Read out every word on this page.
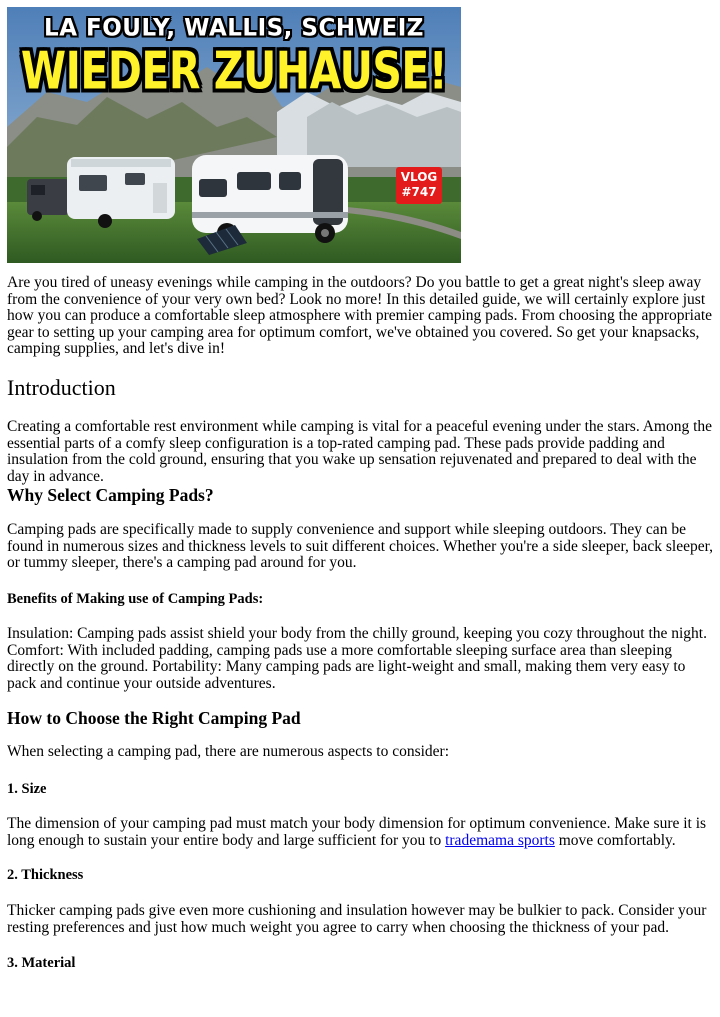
LA FOULY, WALLIS, SCHWEIZ
WIEDER ZUHAUSE!
VLOG
#747

Are you tired of uneasy evenings while camping in the outdoors? Do you battle to get a great night's sleep away from the convenience of your very own bed? Look no more! In this detailed guide, we will certainly explore just how you can produce a comfortable sleep atmosphere with premier camping pads. From choosing the appropriate gear to setting up your camping area for optimum comfort, we've obtained you covered. So get your knapsacks, camping supplies, and let's dive in!

Introduction

Creating a comfortable rest environment while camping is vital for a peaceful evening under the stars. Among the essential parts of a comfy sleep configuration is a top-rated camping pad. These pads provide padding and insulation from the cold ground, ensuring that you wake up sensation rejuvenated and prepared to deal with the day in advance.

Why Select Camping Pads?

Camping pads are specifically made to supply convenience and support while sleeping outdoors. They can be found in numerous sizes and thickness levels to suit different choices. Whether you're a side sleeper, back sleeper, or tummy sleeper, there's a camping pad around for you.

Benefits of Making use of Camping Pads:

Insulation: Camping pads assist shield your body from the chilly ground, keeping you cozy throughout the night. Comfort: With included padding, camping pads use a more comfortable sleeping surface area than sleeping directly on the ground. Portability: Many camping pads are light-weight and small, making them very easy to pack and continue your outside adventures.

How to Choose the Right Camping Pad

When selecting a camping pad, there are numerous aspects to consider:

1. Size

The dimension of your camping pad must match your body dimension for optimum convenience. Make sure it is long enough to sustain your entire body and large sufficient for you to trademama sports move comfortably.

2. Thickness

Thicker camping pads give even more cushioning and insulation however may be bulkier to pack. Consider your resting preferences and just how much weight you agree to carry when choosing the thickness of your pad.

3. Material
